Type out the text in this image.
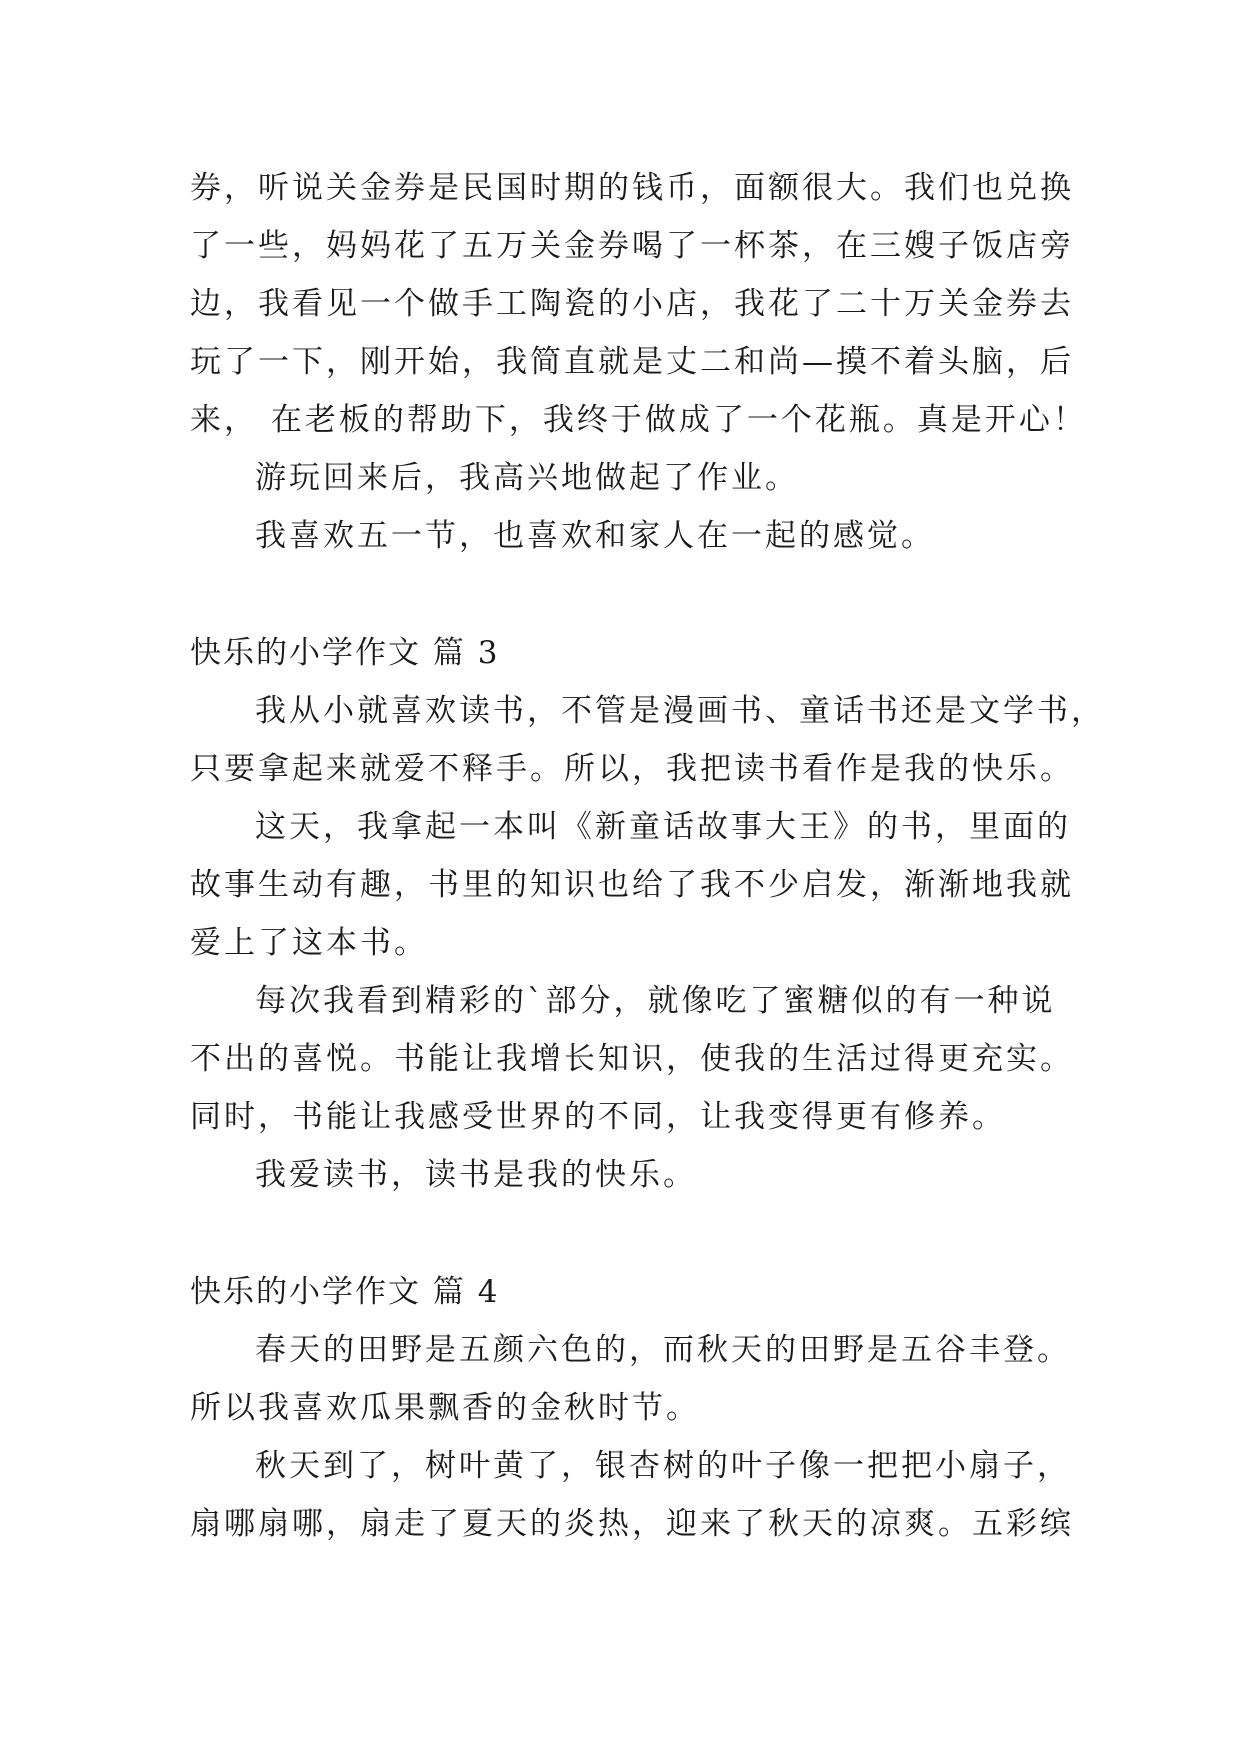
券，听说关金券是民国时期的钱币，面额很大。我们也兑换
了一些，妈妈花了五万关金券喝了一杯茶，在三嫂子饭店旁
边，我看见一个做手工陶瓷的小店，我花了二十万关金券去
玩了一下，刚开始，我简直就是丈二和尚—摸不着头脑，后
来， 在老板的帮助下，我终于做成了一个花瓶。真是开心！
游玩回来后，我高兴地做起了作业。
我喜欢五一节，也喜欢和家人在一起的感觉。
快乐的小学作文 篇 3
我从小就喜欢读书，不管是漫画书、童话书还是文学书，
只要拿起来就爱不释手。所以，我把读书看作是我的快乐。
这天，我拿起一本叫《新童话故事大王》的书，里面的
故事生动有趣，书里的知识也给了我不少启发，渐渐地我就
爱上了这本书。
每次我看到精彩的`部分，就像吃了蜜糖似的有一种说
不出的喜悦。书能让我增长知识，使我的生活过得更充实。
同时，书能让我感受世界的不同，让我变得更有修养。
我爱读书，读书是我的快乐。
快乐的小学作文 篇 4
春天的田野是五颜六色的，而秋天的田野是五谷丰登。
所以我喜欢瓜果飘香的金秋时节。
秋天到了，树叶黄了，银杏树的叶子像一把把小扇子，
扇哪扇哪，扇走了夏天的炎热，迎来了秋天的凉爽。五彩缤
